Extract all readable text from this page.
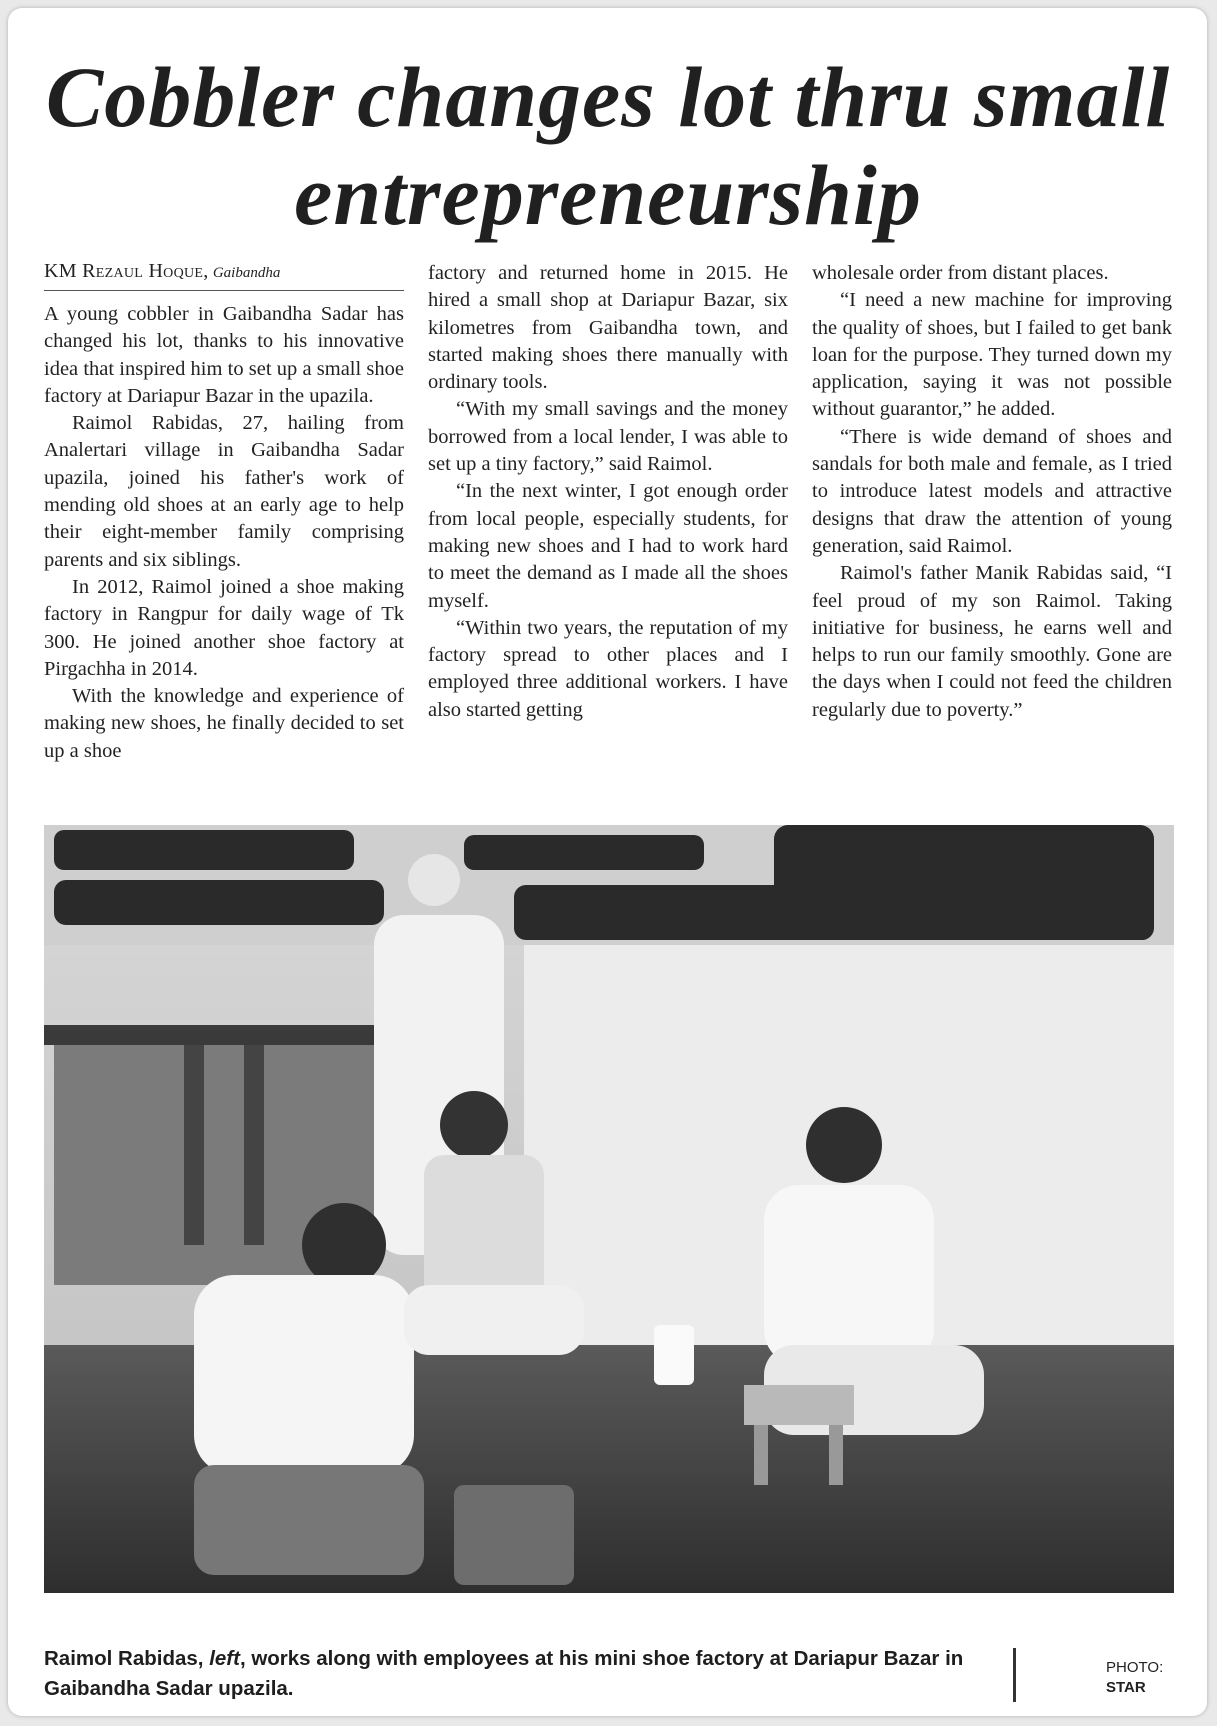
Cobbler changes lot thru small entrepreneurship
KM Rezaul Hoque, Gaibandha

A young cobbler in Gaibandha Sadar has changed his lot, thanks to his innovative idea that inspired him to set up a small shoe factory at Dariapur Bazar in the upazila.

Raimol Rabidas, 27, hailing from Analertari village in Gaibandha Sadar upazila, joined his father's work of mending old shoes at an early age to help their eight-member family comprising parents and six siblings.

In 2012, Raimol joined a shoe making factory in Rangpur for daily wage of Tk 300. He joined another shoe factory at Pirgachha in 2014.

With the knowledge and experience of making new shoes, he finally decided to set up a shoe

factory and returned home in 2015. He hired a small shop at Dariapur Bazar, six kilometres from Gaibandha town, and started making shoes there manually with ordinary tools.

“With my small savings and the money borrowed from a local lender, I was able to set up a tiny factory,” said Raimol.

“In the next winter, I got enough order from local people, especially students, for making new shoes and I had to work hard to meet the demand as I made all the shoes myself.

“Within two years, the reputation of my factory spread to other places and I employed three additional workers. I have also started getting

wholesale order from distant places.

“I need a new machine for improving the quality of shoes, but I failed to get bank loan for the purpose. They turned down my application, saying it was not possible without guarantor,” he added.

“There is wide demand of shoes and sandals for both male and female, as I tried to introduce latest models and attractive designs that draw the attention of young generation, said Raimol.

Raimol's father Manik Rabidas said, “I feel proud of my son Raimol. Taking initiative for business, he earns well and helps to run our family smoothly. Gone are the days when I could not feed the children regularly due to poverty.”

Raimol Rabidas, left, works along with employees at his mini shoe factory at Dariapur Bazar in Gaibandha Sadar upazila.
PHOTO:
STAR
